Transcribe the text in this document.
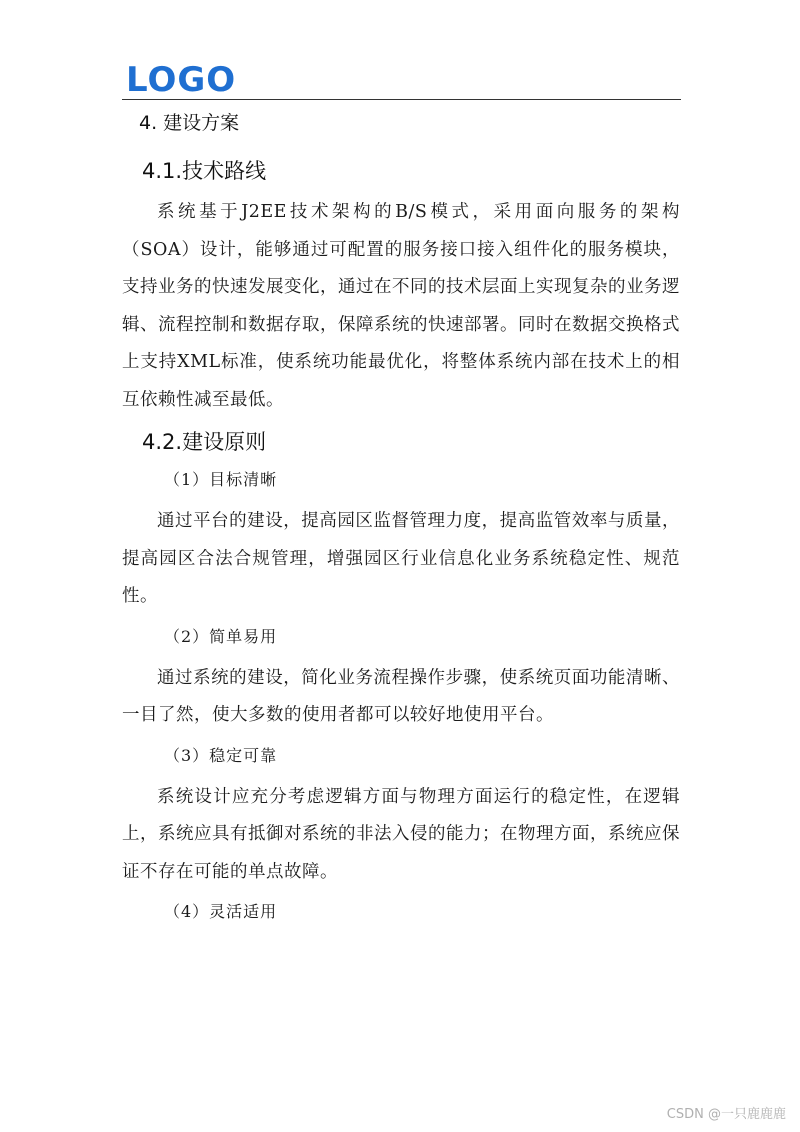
LOGO
4. 建设方案
4.1.技术路线
系统基于J2EE技术架构的B/S模式，采用面向服务的架构（SOA）设计，能够通过可配置的服务接口接入组件化的服务模块，支持业务的快速发展变化，通过在不同的技术层面上实现复杂的业务逻辑、流程控制和数据存取，保障系统的快速部署。同时在数据交换格式上支持XML标准，使系统功能最优化，将整体系统内部在技术上的相互依赖性减至最低。
4.2.建设原则
（1）目标清晰
通过平台的建设，提高园区监督管理力度，提高监管效率与质量，提高园区合法合规管理，增强园区行业信息化业务系统稳定性、规范性。
（2）简单易用
通过系统的建设，简化业务流程操作步骤，使系统页面功能清晰、一目了然，使大多数的使用者都可以较好地使用平台。
（3）稳定可靠
系统设计应充分考虑逻辑方面与物理方面运行的稳定性，在逻辑上，系统应具有抵御对系统的非法入侵的能力；在物理方面，系统应保证不存在可能的单点故障。
（4）灵活适用
CSDN @一只鹿鹿鹿
